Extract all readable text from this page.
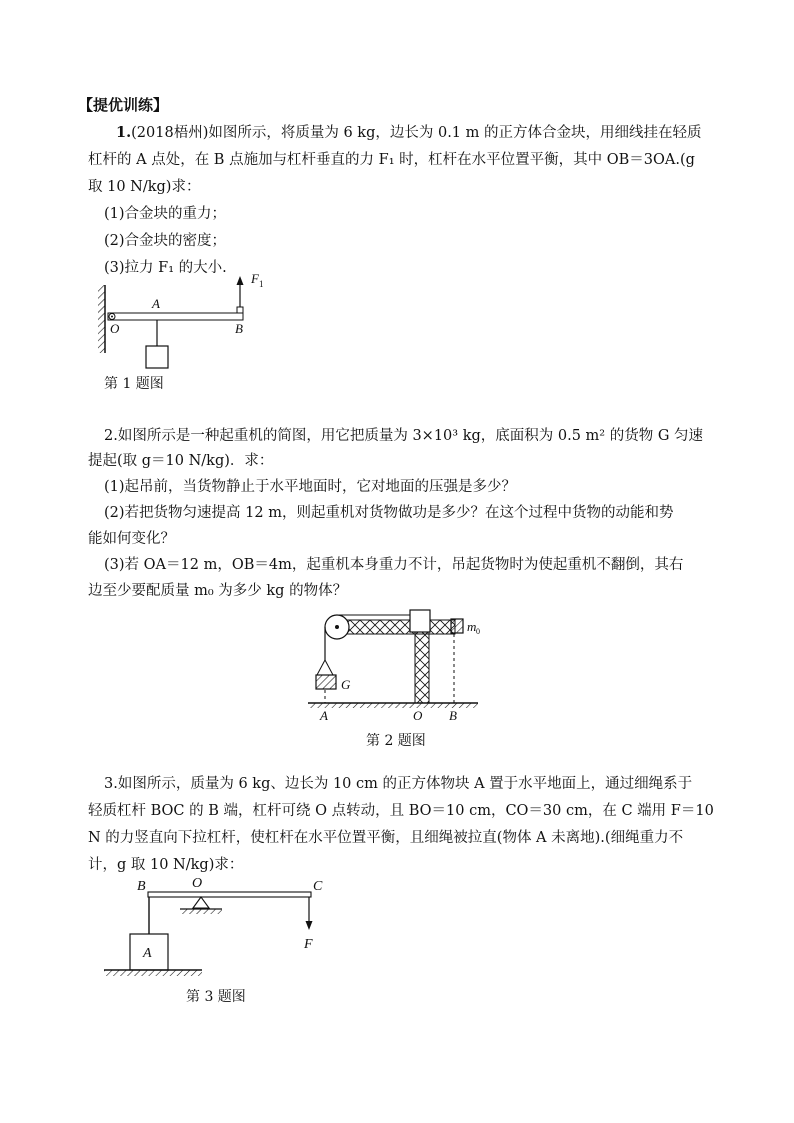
【提优训练】
1.(2018梧州)如图所示，将质量为 6 kg，边长为 0.1 m 的正方体合金块，用细线挂在轻质
杠杆的 A 点处，在 B 点施加与杠杆垂直的力 F₁ 时，杠杆在水平位置平衡，其中 OB＝3OA.(g
取 10 N/kg)求：
(1)合金块的重力；
(2)合金块的密度；
(3)拉力 F₁ 的大小.
F 1
A
O	B
第 1 题图
2.如图所示是一种起重机的简图，用它把质量为 3×10³ kg，底面积为 0.5 m² 的货物 G 匀速
提起(取 g＝10 N/kg)．求：
(1)起吊前，当货物静止于水平地面时，它对地面的压强是多少？
(2)若把货物匀速提高 12 m，则起重机对货物做功是多少？在这个过程中货物的动能和势
能如何变化？
(3)若 OA＝12 m，OB＝4m，起重机本身重力不计，吊起货物时为使起重机不翻倒，其右
边至少要配质量 m₀ 为多少 kg 的物体？
G
m 0
A	O B
第 2 题图
3.如图所示，质量为 6 kg、边长为 10 cm 的正方体物块 A 置于水平地面上，通过细绳系于
轻质杠杆 BOC 的 B 端，杠杆可绕 O 点转动，且 BO＝10 cm，CO＝30 cm，在 C 端用 F＝10
N 的力竖直向下拉杠杆，使杠杆在水平位置平衡，且细绳被拉直(物体 A 未离地).(细绳重力不
计，g 取 10 N/kg)求：
B	O	C
A
F
第 3 题图
